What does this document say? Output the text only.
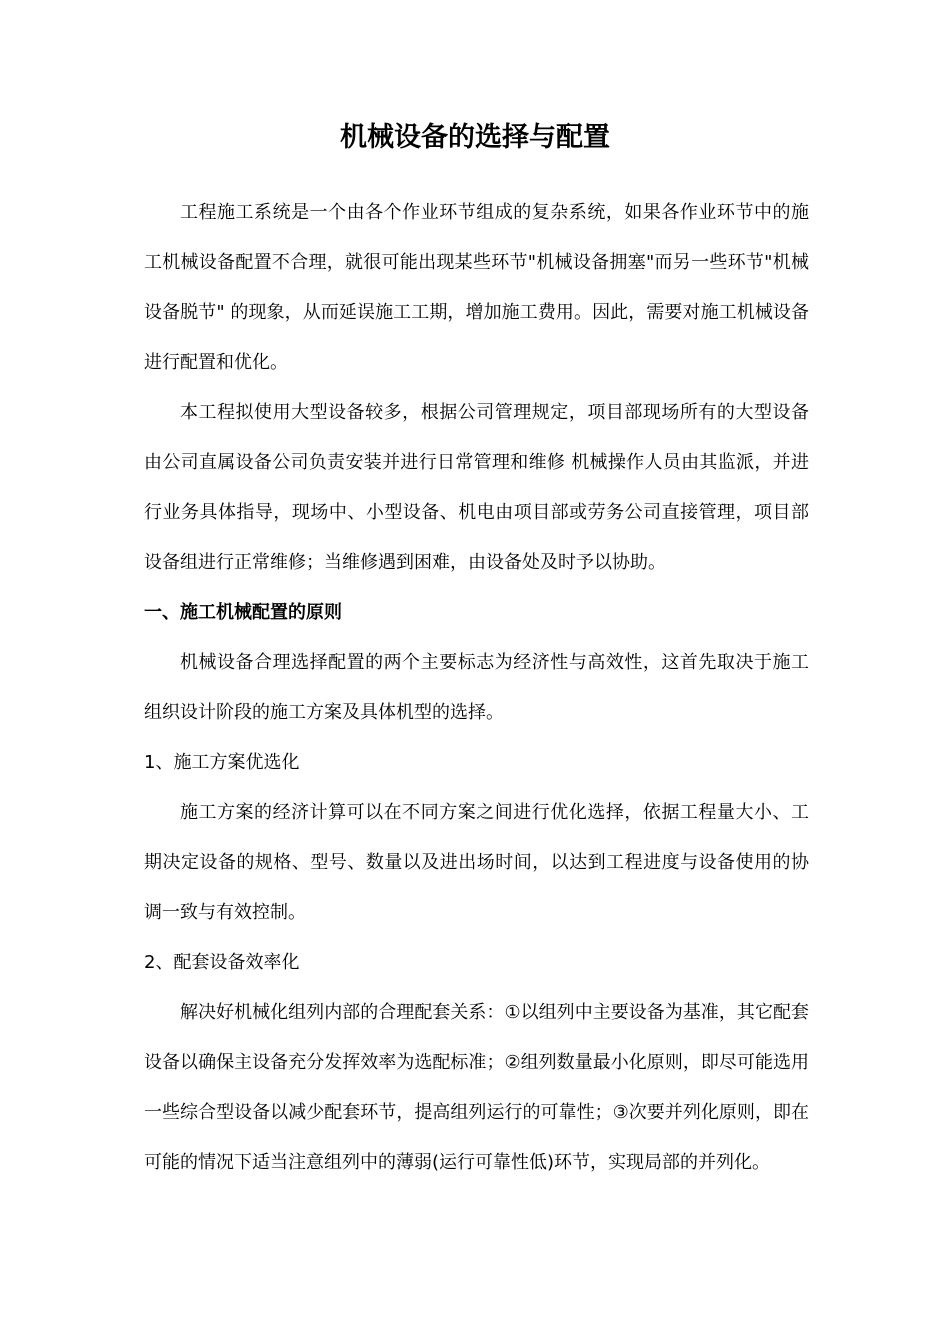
机械设备的选择与配置

工程施工系统是一个由各个作业环节组成的复杂系统，如果各作业环节中的施工机械设备配置不合理，就很可能出现某些环节"机械设备拥塞"而另一些环节"机械设备脱节" 的现象，从而延误施工工期，增加施工费用。因此，需要对施工机械设备进行配置和优化。

本工程拟使用大型设备较多，根据公司管理规定，项目部现场所有的大型设备由公司直属设备公司负责安装并进行日常管理和维修 机械操作人员由其监派，并进行业务具体指导，现场中、小型设备、机电由项目部或劳务公司直接管理，项目部设备组进行正常维修；当维修遇到困难，由设备处及时予以协助。

一、施工机械配置的原则

机械设备合理选择配置的两个主要标志为经济性与高效性，这首先取决于施工组织设计阶段的施工方案及具体机型的选择。

1、施工方案优选化

施工方案的经济计算可以在不同方案之间进行优化选择，依据工程量大小、工期决定设备的规格、型号、数量以及进出场时间，以达到工程进度与设备使用的协调一致与有效控制。

2、配套设备效率化

解决好机械化组列内部的合理配套关系：①以组列中主要设备为基准，其它配套设备以确保主设备充分发挥效率为选配标准；②组列数量最小化原则，即尽可能选用一些综合型设备以减少配套环节，提高组列运行的可靠性；③次要并列化原则，即在可能的情况下适当注意组列中的薄弱(运行可靠性低)环节，实现局部的并列化。
